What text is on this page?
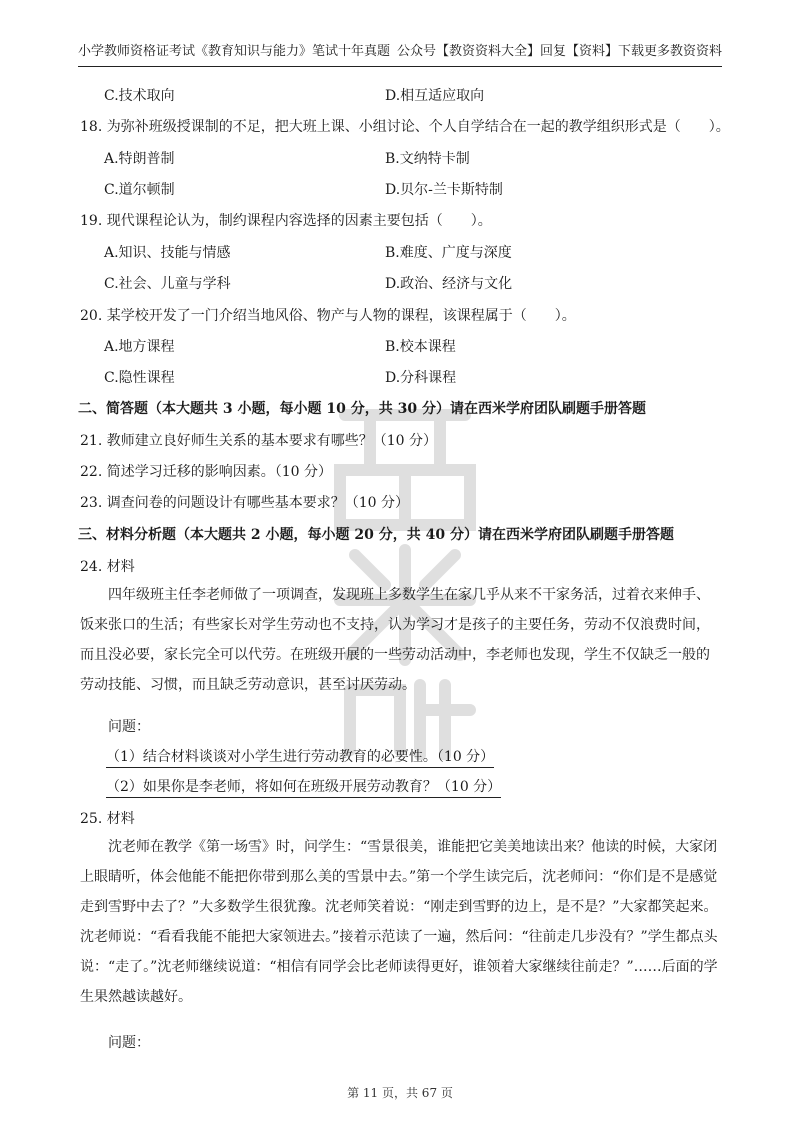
小学教师资格证考试《教育知识与能力》笔试十年真题 公众号【教资资料大全】回复【资料】下载更多教资资料
C.技术取向	D.相互适应取向
18. 为弥补班级授课制的不足，把大班上课、小组讨论、个人自学结合在一起的教学组织形式是（　　）。
A.特朗普制	B.文纳特卡制
C.道尔顿制	D.贝尔-兰卡斯特制
19. 现代课程论认为，制约课程内容选择的因素主要包括（　　）。
A.知识、技能与情感	B.难度、广度与深度
C.社会、儿童与学科	D.政治、经济与文化
20. 某学校开发了一门介绍当地风俗、物产与人物的课程，该课程属于（　　）。
A.地方课程	B.校本课程
C.隐性课程	D.分科课程
二、简答题（本大题共 3 小题，每小题 10 分，共 30 分）请在西米学府团队刷题手册答题
21. 教师建立良好师生关系的基本要求有哪些？（10 分）
22. 简述学习迁移的影响因素。（10 分）
23. 调查问卷的问题设计有哪些基本要求？（10 分）
三、材料分析题（本大题共 2 小题，每小题 20 分，共 40 分）请在西米学府团队刷题手册答题
24. 材料
四年级班主任李老师做了一项调查，发现班上多数学生在家几乎从来不干家务活，过着衣来伸手、饭来张口的生活；有些家长对学生劳动也不支持，认为学习才是孩子的主要任务，劳动不仅浪费时间，而且没必要，家长完全可以代劳。在班级开展的一些劳动活动中，李老师也发现，学生不仅缺乏一般的劳动技能、习惯，而且缺乏劳动意识，甚至讨厌劳动。
问题：
（1）结合材料谈谈对小学生进行劳动教育的必要性。（10 分）
（2）如果你是李老师，将如何在班级开展劳动教育？（10 分）
25. 材料
沈老师在教学《第一场雪》时，问学生：“雪景很美，谁能把它美美地读出来？他读的时候，大家闭上眼睛听，体会他能不能把你带到那么美的雪景中去。”第一个学生读完后，沈老师问：“你们是不是感觉走到雪野中去了？”大多数学生很犹豫。沈老师笑着说：“刚走到雪野的边上，是不是？”大家都笑起来。沈老师说：“看看我能不能把大家领进去。”接着示范读了一遍，然后问：“往前走几步没有？”学生都点头说：“走了。”沈老师继续说道：“相信有同学会比老师读得更好，谁领着大家继续往前走？”……后面的学生果然越读越好。
问题：
第 11 页，共 67 页
